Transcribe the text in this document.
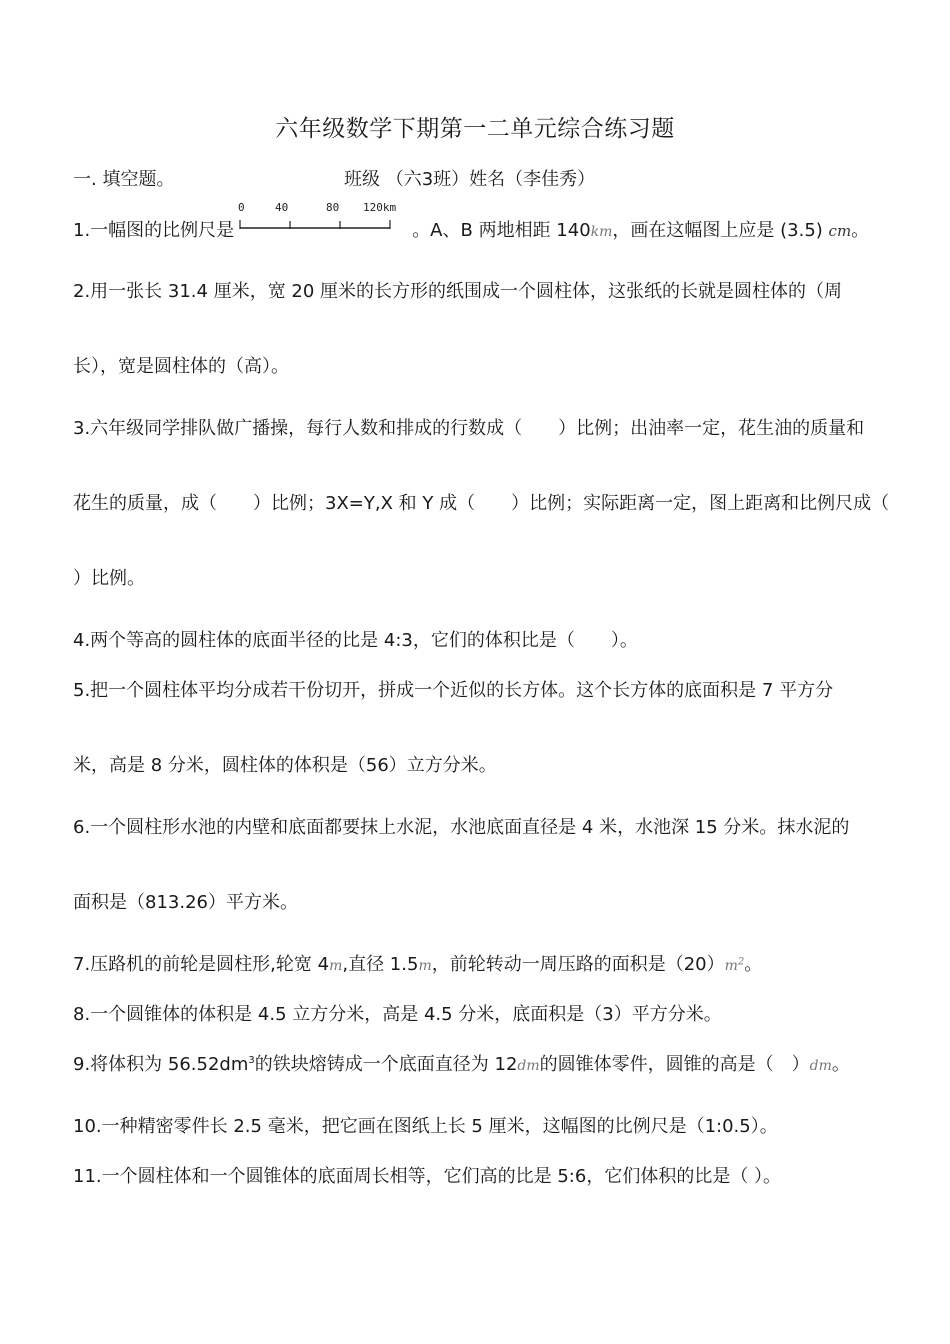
六年级数学下期第一二单元综合练习题
一. 填空题。	班级 （六3班）姓名（李佳秀）
1.一幅图的比例尺是
0	40	80 120km
。A、B 两地相距 140km，画在这幅图上应是 (3.5) cm。
2.用一张长 31.4 厘米，宽 20 厘米的长方形的纸围成一个圆柱体，这张纸的长就是圆柱体的（周
长），宽是圆柱体的（高）。
3.六年级同学排队做广播操，每行人数和排成的行数成（　　）比例；出油率一定，花生油的质量和
花生的质量，成（　　）比例；3X=Y,X 和 Y 成（　　）比例；实际距离一定，图上距离和比例尺成（
）比例。
4.两个等高的圆柱体的底面半径的比是 4:3，它们的体积比是（　　）。
5.把一个圆柱体平均分成若干份切开，拼成一个近似的长方体。这个长方体的底面积是 7 平方分
米，高是 8 分米，圆柱体的体积是（56）立方分米。
6.一个圆柱形水池的内壁和底面都要抹上水泥，水池底面直径是 4 米，水池深 15 分米。抹水泥的
面积是（813.26）平方米。
7.压路机的前轮是圆柱形,轮宽 4m,直径 1.5m，前轮转动一周压路的面积是$(20)m^2$。
8.一个圆锥体的体积是 4.5 立方分米，高是 4.5 分米，底面积是（3）平方分米。
9.将体积为 $56.52dm^3$的铁块熔铸成一个底面直径为 12dm的圆锥体零件，圆锥的高是（　）dm。
10.一种精密零件长 2.5 毫米，把它画在图纸上长 5 厘米，这幅图的比例尺是（1:0.5）。
11.一个圆柱体和一个圆锥体的底面周长相等，它们高的比是 5:6，它们体积的比是（ ）。
